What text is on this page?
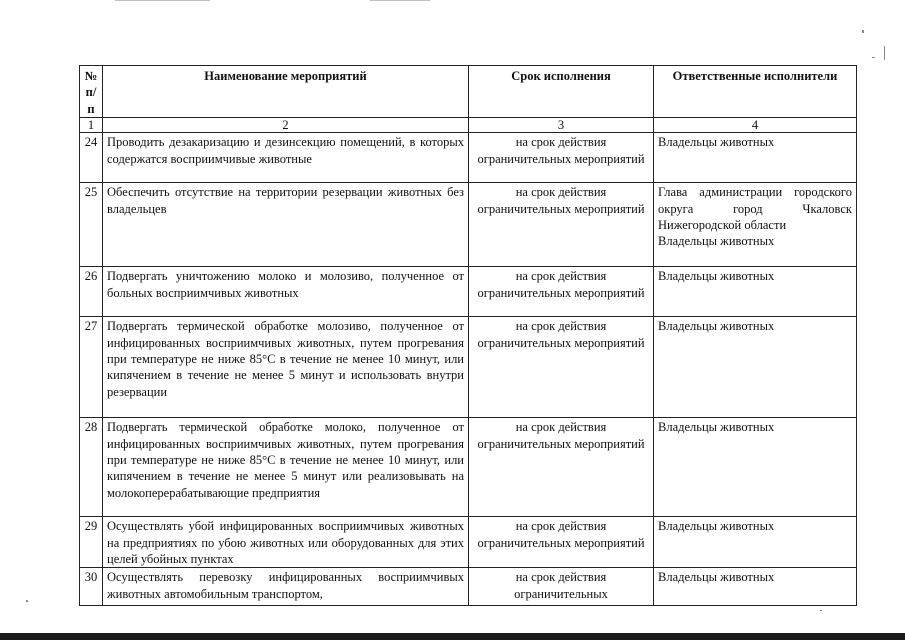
№ п/п	Наименование мероприятий	Срок исполнения	Ответственные исполнители
1	2	3	4
24	Проводить дезакаризацию и дезинсекцию помещений, в которых содержатся восприимчивые животные	на срок действия ограничительных мероприятий	Владельцы животных
25	Обеспечить отсутствие на территории резервации животных без владельцев	на срок действия ограничительных мероприятий	Глава администрации городского округа город Чкаловск Нижегородской области
Владельцы животных

26	Подвергать уничтожению молоко и молозиво, полученное от больных восприимчивых животных	на срок действия ограничительных мероприятий	Владельцы животных
27	Подвергать термической обработке молозиво, полученное от инфицированных восприимчивых животных, путем прогревания при температуре не ниже 85°С в течение не менее 10 минут, или кипячением в течение не менее 5 минут и использовать внутри резервации	на срок действия ограничительных мероприятий	Владельцы животных
28	Подвергать термической обработке молоко, полученное от инфицированных восприимчивых животных, путем прогревания при температуре не ниже 85°С в течение не менее 10 минут, или кипячением в течение не менее 5 минут или реализовывать на молокоперерабатывающие предприятия	на срок действия ограничительных мероприятий	Владельцы животных
29	Осуществлять убой инфицированных восприимчивых животных на предприятиях по убою животных или оборудованных для этих целей убойных пунктах	на срок действия ограничительных мероприятий	Владельцы животных
30	Осуществлять перевозку инфицированных восприимчивых животных автомобильным транспортом,	на срок действия ограничительных	Владельцы животных
